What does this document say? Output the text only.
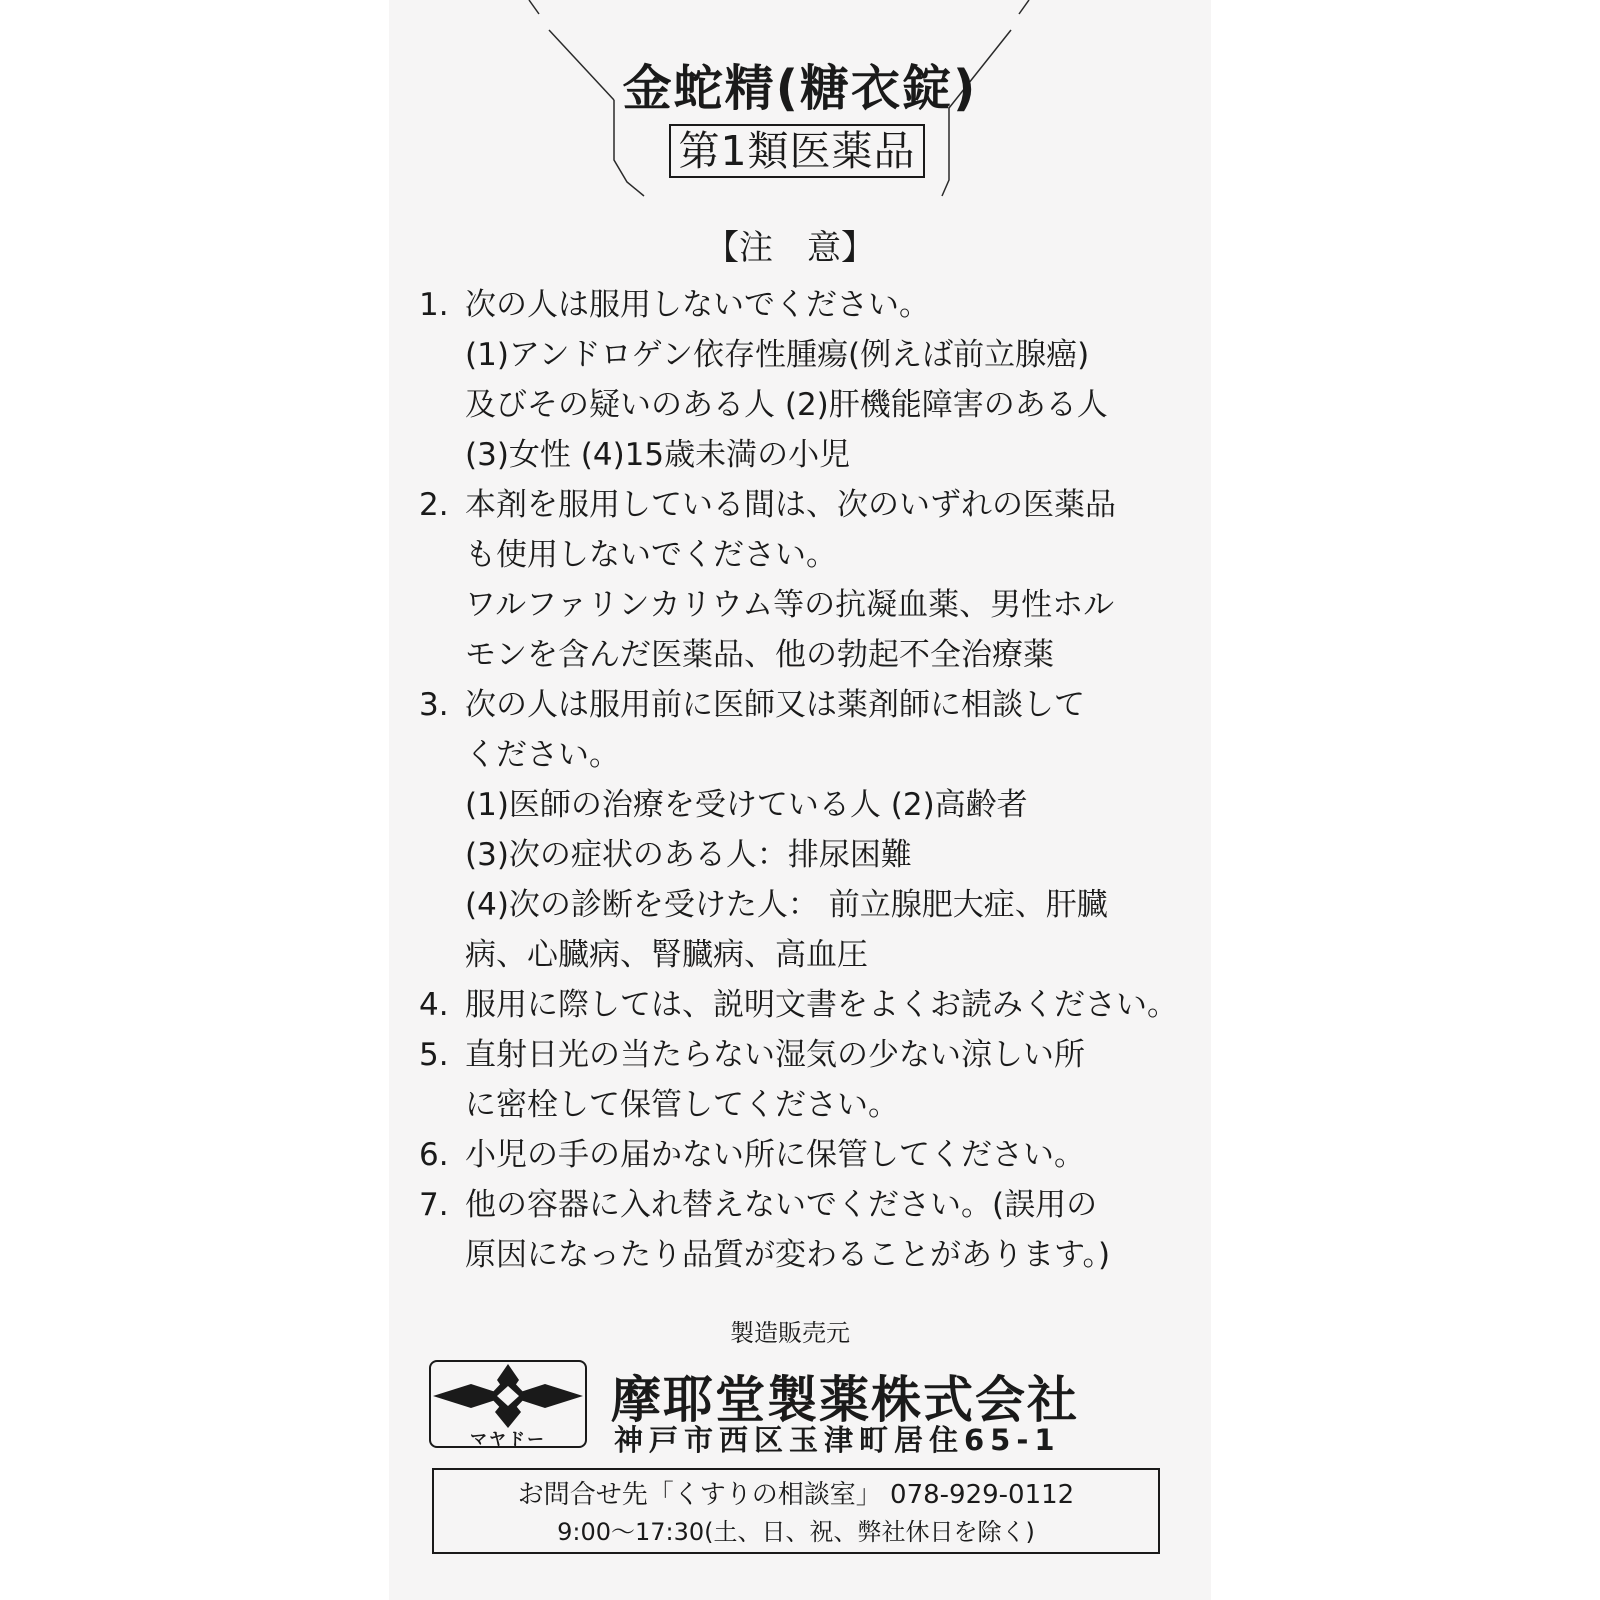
金蛇精(糖衣錠)
第1類医薬品
【注　意】
1. 次の人は服用しないでください。
(1)アンドロゲン依存性腫瘍(例えば前立腺癌)
及びその疑いのある人 (2)肝機能障害のある人
(3)女性 (4)15歳未満の小児
2. 本剤を服用している間は、次のいずれの医薬品
も使用しないでください。
ワルファリンカリウム等の抗凝血薬、男性ホル
モンを含んだ医薬品、他の勃起不全治療薬
3. 次の人は服用前に医師又は薬剤師に相談して
ください。
(1)医師の治療を受けている人 (2)高齢者
(3)次の症状のある人：排尿困難
(4)次の診断を受けた人： 前立腺肥大症、肝臓
病、心臓病、腎臓病、高血圧
4. 服用に際しては、説明文書をよくお読みください。
5. 直射日光の当たらない湿気の少ない涼しい所
に密栓して保管してください。
6. 小児の手の届かない所に保管してください。
7. 他の容器に入れ替えないでください。(誤用の
原因になったり品質が変わることがあります。)
製造販売元
マヤドー
摩耶堂製薬株式会社
神戸市西区玉津町居住65-1
お問合せ先「くすりの相談室」 078-929-0112
9:00〜17:30(土、日、祝、弊社休日を除く)
